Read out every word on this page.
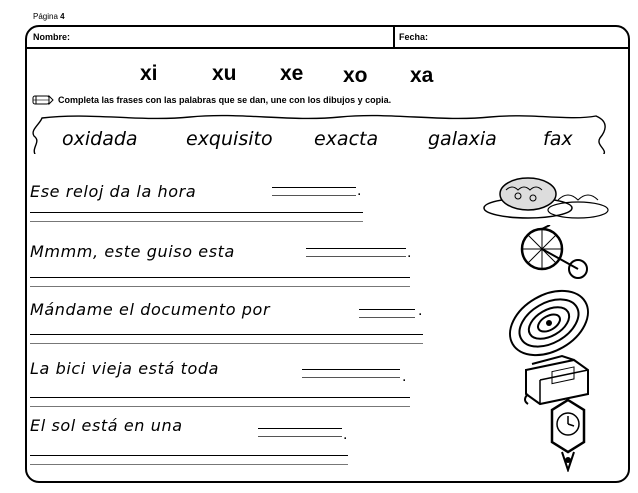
Página 4
Nombre:	Fecha:
xi	xu xe xo xa
Completa las frases con las palabras que se dan, une con los dibujos y copia.
oxidada	exquisito exacta	galaxia fax
Ese reloj da la hora	.
Mmmm, este guiso esta	.
Mándame el documento por	.
La bici vieja está toda	.
El sol está en una	.
